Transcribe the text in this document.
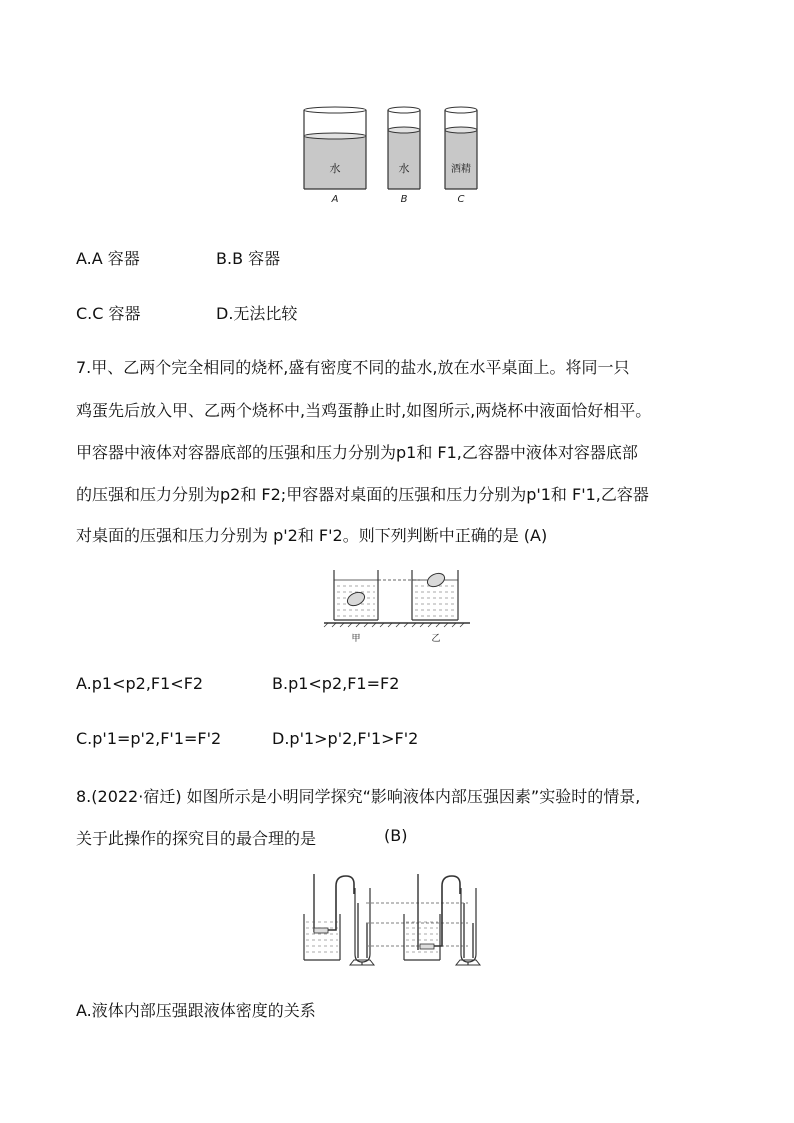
水
A
水
B
酒精
C
A.A 容器	B.B 容器
C.C 容器	D.无法比较
7.甲、乙两个完全相同的烧杯,盛有密度不同的盐水,放在水平桌面上。将同一只
鸡蛋先后放入甲、乙两个烧杯中,当鸡蛋静止时,如图所示,两烧杯中液面恰好相平。
甲容器中液体对容器底部的压强和压力分别为p1和 F1,乙容器中液体对容器底部
的压强和压力分别为p2和 F2;甲容器对桌面的压强和压力分别为p'1和 F'1,乙容器
对桌面的压强和压力分别为 p'2和 F'2。则下列判断中正确的是 (A)
甲	乙
A.p1<p2,F1<F2	B.p1<p2,F1=F2
C.p'1=p'2,F'1=F'2	D.p'1>p'2,F'1>F'2
8.(2022·宿迁) 如图所示是小明同学探究“影响液体内部压强因素”实验时的情景,
关于此操作的探究目的最合理的是	(B)
A.液体内部压强跟液体密度的关系
